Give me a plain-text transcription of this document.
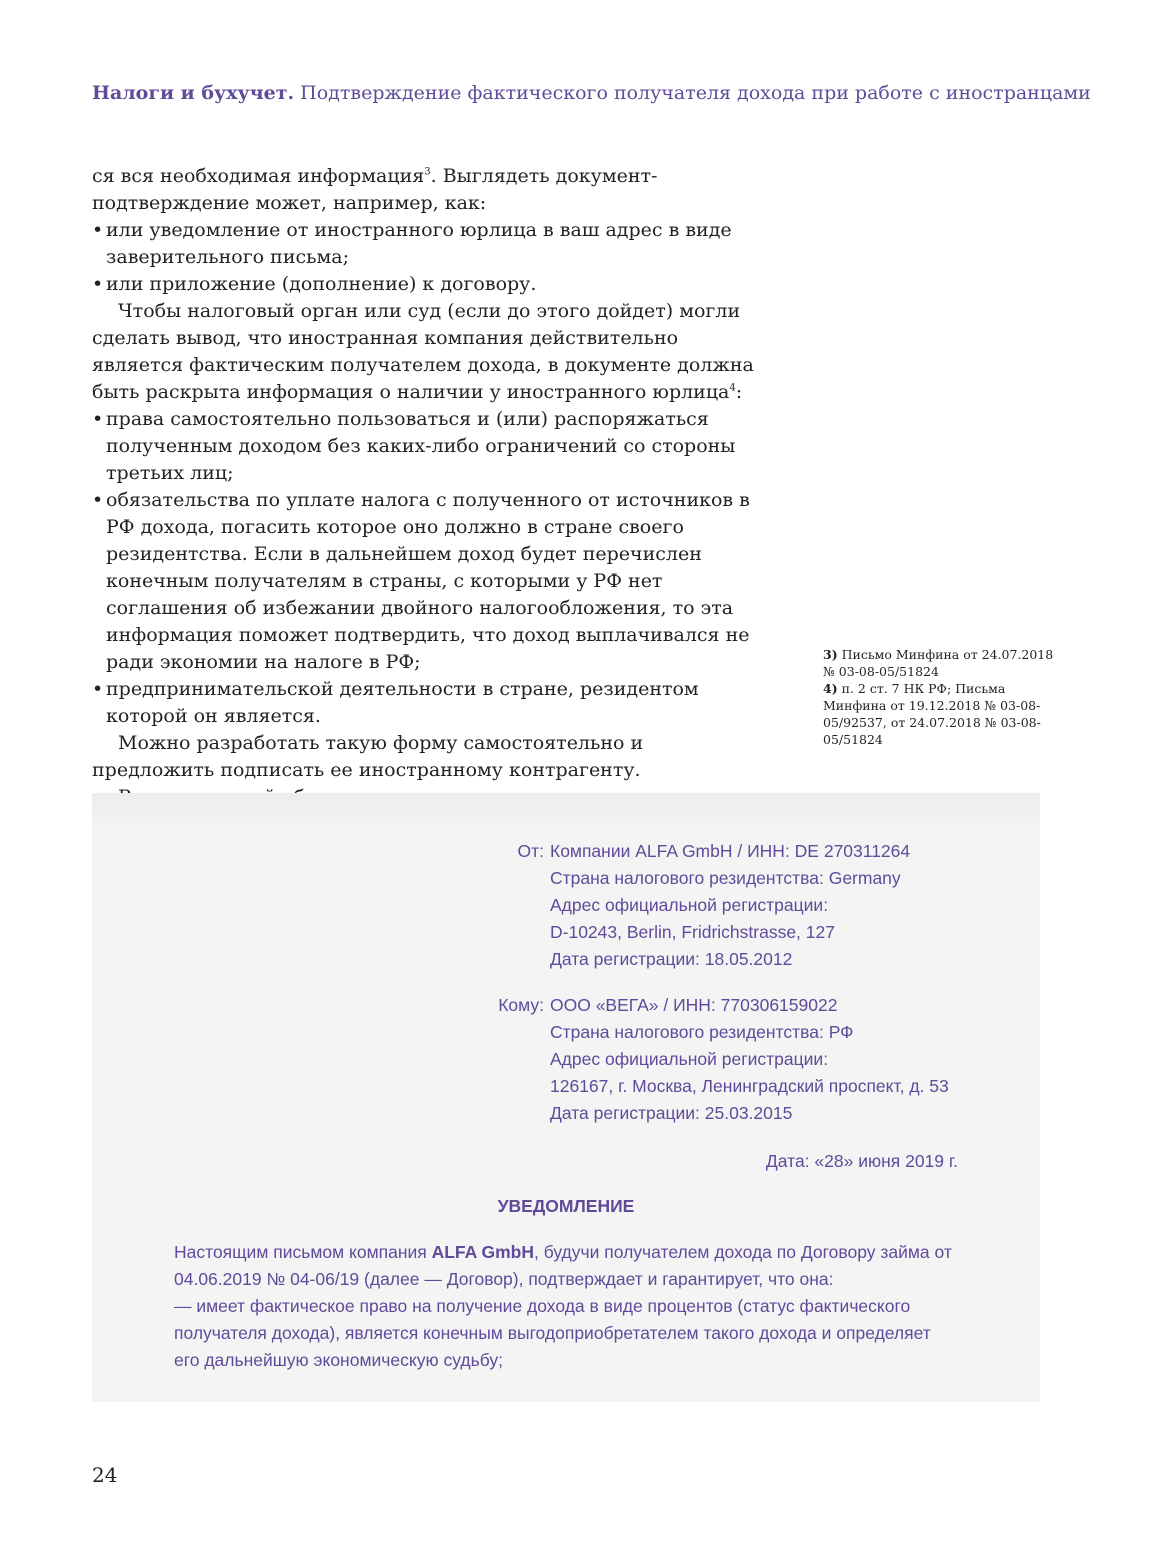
Налоги и бухучет. Подтверждение фактического получателя дохода при работе с иностранцами

ся вся необходимая информация$^3$. Выглядеть документ-подтверждение может, например, как:

• или уведомление от иностранного юрлица в ваш адрес в виде заверительного письма;
• или приложение (дополнение) к договору.

Чтобы налоговый орган или суд (если до этого дойдет) могли сделать вывод, что иностранная компания действительно является фактическим получателем дохода, в документе должна быть раскрыта информация о наличии у иностранного юрлица$^4$:

• права самостоятельно пользоваться и (или) распоряжаться полученным доходом без каких-либо ограничений со стороны третьих лиц;
• обязательства по уплате налога с полученного от источников в РФ дохода, погасить которое оно должно в стране своего резидентства. Если в дальнейшем доход будет перечислен конечным получателям в страны, с которыми у РФ нет соглашения об избежании двойного налогообложения, то эта информация поможет подтвердить, что доход выплачивался не ради экономии на налоге в РФ;
• предпринимательской деятельности в стране, резидентом которой он является.

Можно разработать такую форму самостоятельно и предложить подписать ее иностранному контрагенту.

3) Письмо Минфина от 24.07.2018 № 03-08-05/51824

4) п. 2 ст. 7 НК РФ; Письма Минфина от 19.12.2018 № 03-08-05/92537, от 24.07.2018 № 03-08-05/51824

От: Компании ALFA GmbH / ИНН: DE 270311264
Страна налогового резидентства: Germany
Адрес официальной регистрации:
D-10243, Berlin, Fridrichstrasse, 127
Дата регистрации: 18.05.2012
Кому: ООО «ВЕГА» / ИНН: 770306159022
Страна налогового резидентства: РФ
Адрес официальной регистрации:
126167, г. Москва, Ленинградский проспект, д. 53
Дата регистрации: 25.03.2015
Дата: «28» июня 2019 г.
УВЕДОМЛЕНИЕ

Настоящим письмом компания ALFA GmbH, будучи получателем дохода по Договору займа от 04.06.2019 № 04-06/19 (далее — Договор), подтверждает и гарантирует, что она:

— имеет фактическое право на получение дохода в виде процентов (статус фактического получателя дохода), является конечным выгодоприобретателем такого дохода и определяет его дальнейшую экономическую судьбу;

24
